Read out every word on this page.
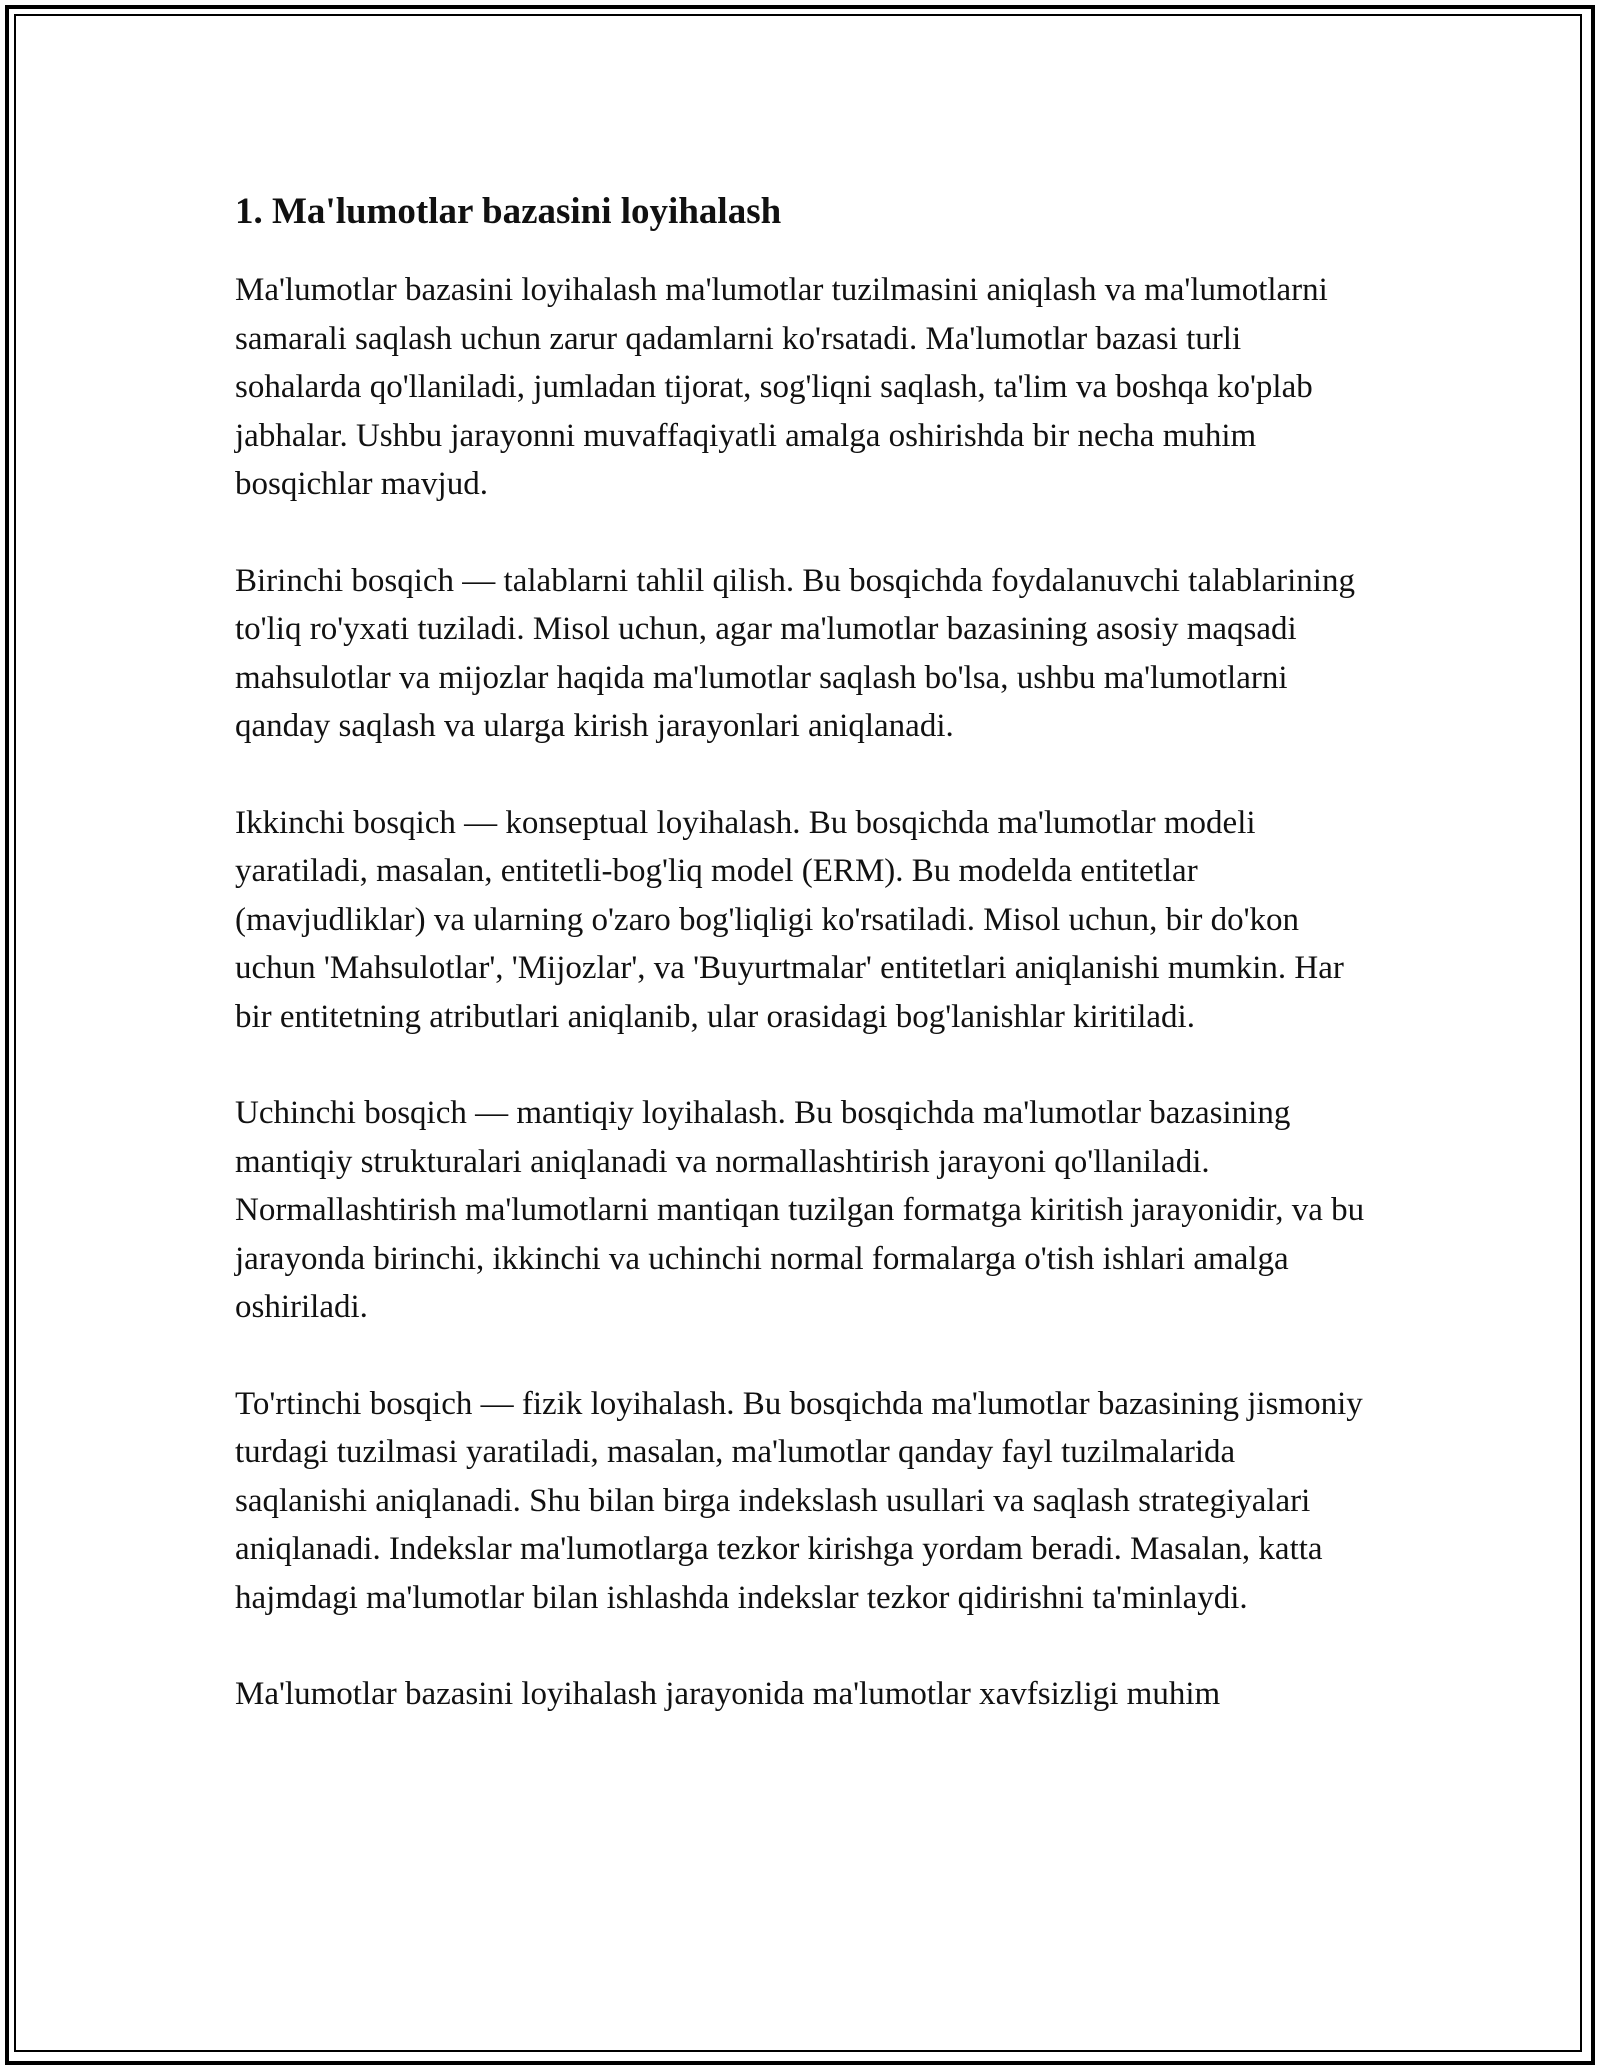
1. Ma'lumotlar bazasini loyihalash

Ma'lumotlar bazasini loyihalash ma'lumotlar tuzilmasini aniqlash va ma'lumotlarni samarali saqlash uchun zarur qadamlarni ko'rsatadi. Ma'lumotlar bazasi turli sohalarda qo'llaniladi, jumladan tijorat, sog'liqni saqlash, ta'lim va boshqa ko'plab jabhalar. Ushbu jarayonni muvaffaqiyatli amalga oshirishda bir necha muhim bosqichlar mavjud.

Birinchi bosqich — talablarni tahlil qilish. Bu bosqichda foydalanuvchi talablarining to'liq ro'yxati tuziladi. Misol uchun, agar ma'lumotlar bazasining asosiy maqsadi mahsulotlar va mijozlar haqida ma'lumotlar saqlash bo'lsa, ushbu ma'lumotlarni qanday saqlash va ularga kirish jarayonlari aniqlanadi.

Ikkinchi bosqich — konseptual loyihalash. Bu bosqichda ma'lumotlar modeli yaratiladi, masalan, entitetli-bog'liq model (ERM). Bu modelda entitetlar (mavjudliklar) va ularning o'zaro bog'liqligi ko'rsatiladi. Misol uchun, bir do'kon uchun 'Mahsulotlar', 'Mijozlar', va 'Buyurtmalar' entitetlari aniqlanishi mumkin. Har bir entitetning atributlari aniqlanib, ular orasidagi bog'lanishlar kiritiladi.

Uchinchi bosqich — mantiqiy loyihalash. Bu bosqichda ma'lumotlar bazasining mantiqiy strukturalari aniqlanadi va normallashtirish jarayoni qo'llaniladi. Normallashtirish ma'lumotlarni mantiqan tuzilgan formatga kiritish jarayonidir, va bu jarayonda birinchi, ikkinchi va uchinchi normal formalarga o'tish ishlari amalga oshiriladi.

To'rtinchi bosqich — fizik loyihalash. Bu bosqichda ma'lumotlar bazasining jismoniy turdagi tuzilmasi yaratiladi, masalan, ma'lumotlar qanday fayl tuzilmalarida saqlanishi aniqlanadi. Shu bilan birga indekslash usullari va saqlash strategiyalari aniqlanadi. Indekslar ma'lumotlarga tezkor kirishga yordam beradi. Masalan, katta hajmdagi ma'lumotlar bilan ishlashda indekslar tezkor qidirishni ta'minlaydi.

Ma'lumotlar bazasini loyihalash jarayonida ma'lumotlar xavfsizligi muhim
